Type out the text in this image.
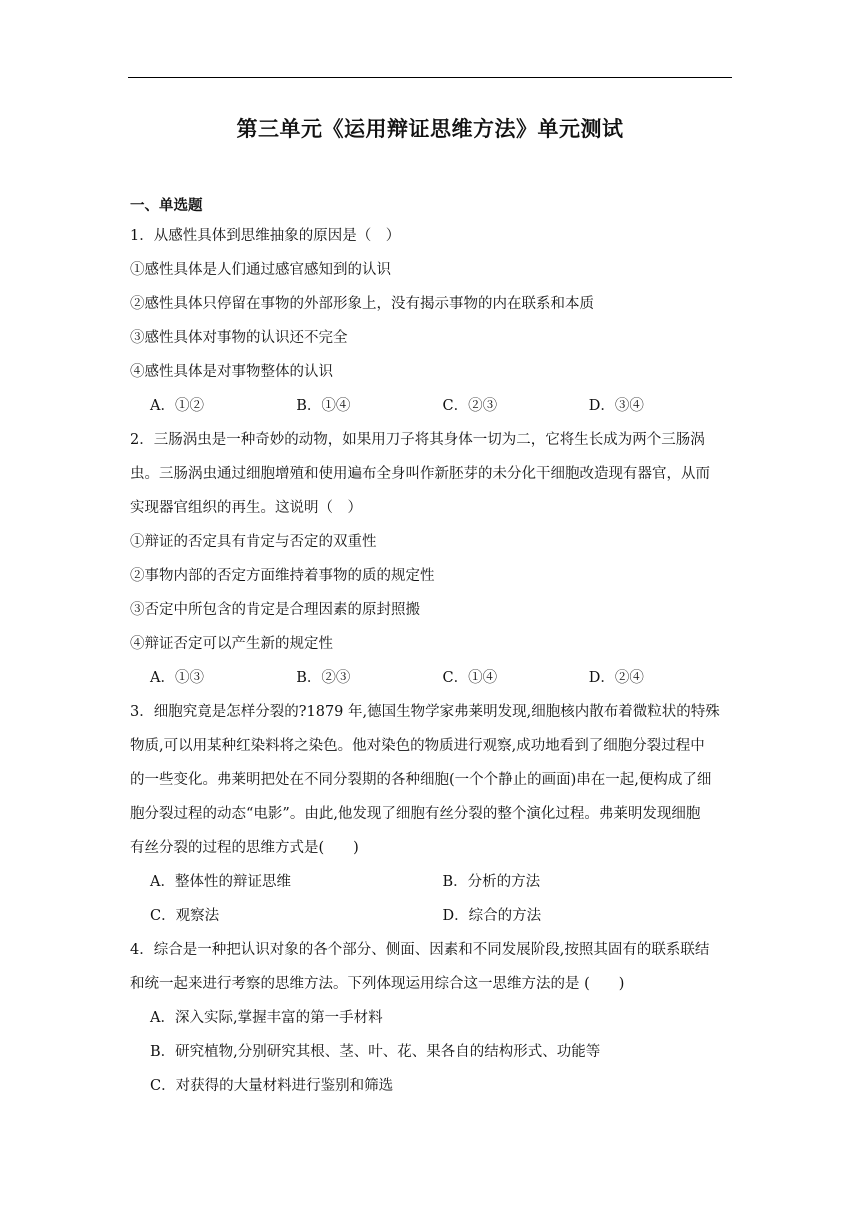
第三单元《运用辩证思维方法》单元测试
一、单选题
1．从感性具体到思维抽象的原因是（　）
①感性具体是人们通过感官感知到的认识
②感性具体只停留在事物的外部形象上，没有揭示事物的内在联系和本质
③感性具体对事物的认识还不完全
④感性具体是对事物整体的认识
A．①②	B．①④	C．②③	D．③④
2．三肠涡虫是一种奇妙的动物，如果用刀子将其身体一切为二，它将生长成为两个三肠涡
虫。三肠涡虫通过细胞增殖和使用遍布全身叫作新胚芽的未分化干细胞改造现有器官，从而
实现器官组织的再生。这说明（　）
①辩证的否定具有肯定与否定的双重性
②事物内部的否定方面维持着事物的质的规定性
③否定中所包含的肯定是合理因素的原封照搬
④辩证否定可以产生新的规定性
A．①③	B．②③	C．①④	D．②④
3．细胞究竟是怎样分裂的?1879 年,德国生物学家弗莱明发现,细胞核内散布着微粒状的特殊
物质,可以用某种红染料将之染色。他对染色的物质进行观察,成功地看到了细胞分裂过程中
的一些变化。弗莱明把处在不同分裂期的各种细胞(一个个静止的画面)串在一起,便构成了细
胞分裂过程的动态“电影”。由此,他发现了细胞有丝分裂的整个演化过程。弗莱明发现细胞
有丝分裂的过程的思维方式是(　　)
A．整体性的辩证思维	B．分析的方法
C．观察法	D．综合的方法
4．综合是一种把认识对象的各个部分、侧面、因素和不同发展阶段,按照其固有的联系联结
和统一起来进行考察的思维方法。下列体现运用综合这一思维方法的是 (　　)
A．深入实际,掌握丰富的第一手材料
B．研究植物,分别研究其根、茎、叶、花、果各自的结构形式、功能等
C．对获得的大量材料进行鉴别和筛选
